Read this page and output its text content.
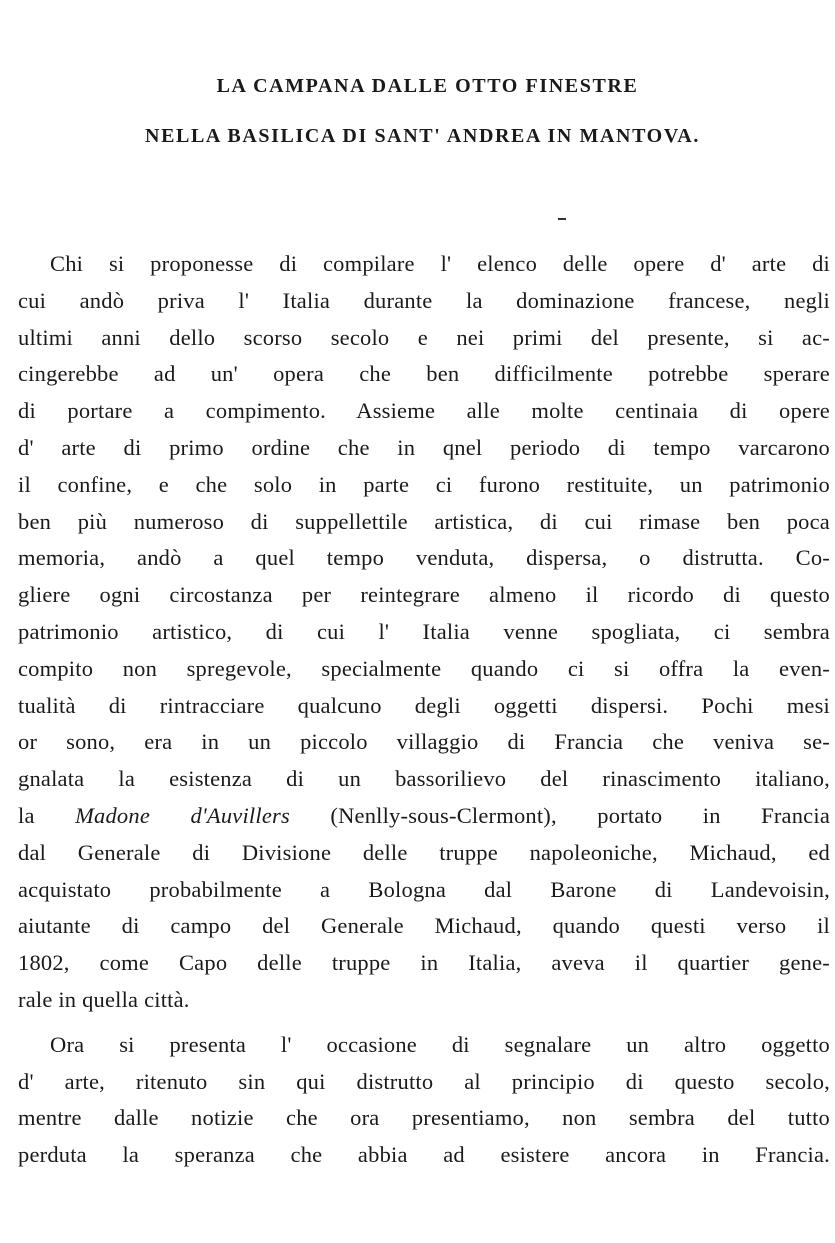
LA CAMPANA DALLE OTTO FINESTRE
NELLA BASILICA DI SANT' ANDREA IN MANTOVA.
Chi si proponesse di compilare l' elenco delle opere d' arte di
cui andò priva l' Italia durante la dominazione francese, negli
ultimi anni dello scorso secolo e nei primi del presente, si ac-
cingerebbe ad un' opera che ben difficilmente potrebbe sperare
di portare a compimento. Assieme alle molte centinaia di opere
d' arte di primo ordine che in qnel periodo di tempo varcarono
il confine, e che solo in parte ci furono restituite, un patrimonio
ben più numeroso di suppellettile artistica, di cui rimase ben poca
memoria, andò a quel tempo venduta, dispersa, o distrutta. Co-
gliere ogni circostanza per reintegrare almeno il ricordo di questo
patrimonio artistico, di cui l' Italia venne spogliata, ci sembra
compito non spregevole, specialmente quando ci si offra la even-
tualità di rintracciare qualcuno degli oggetti dispersi. Pochi mesi
or sono, era in un piccolo villaggio di Francia che veniva se-
gnalata la esistenza di un bassorilievo del rinascimento italiano,
la Madone d'Auvillers (Nenlly-sous-Clermont), portato in Francia
dal Generale di Divisione delle truppe napoleoniche, Michaud, ed
acquistato probabilmente a Bologna dal Barone di Landevoisin,
aiutante di campo del Generale Michaud, quando questi verso il
1802, come Capo delle truppe in Italia, aveva il quartier gene-
rale in quella città.
Ora si presenta l' occasione di segnalare un altro oggetto
d' arte, ritenuto sin qui distrutto al principio di questo secolo,
mentre dalle notizie che ora presentiamo, non sembra del tutto
perduta la speranza che abbia ad esistere ancora in Francia.
